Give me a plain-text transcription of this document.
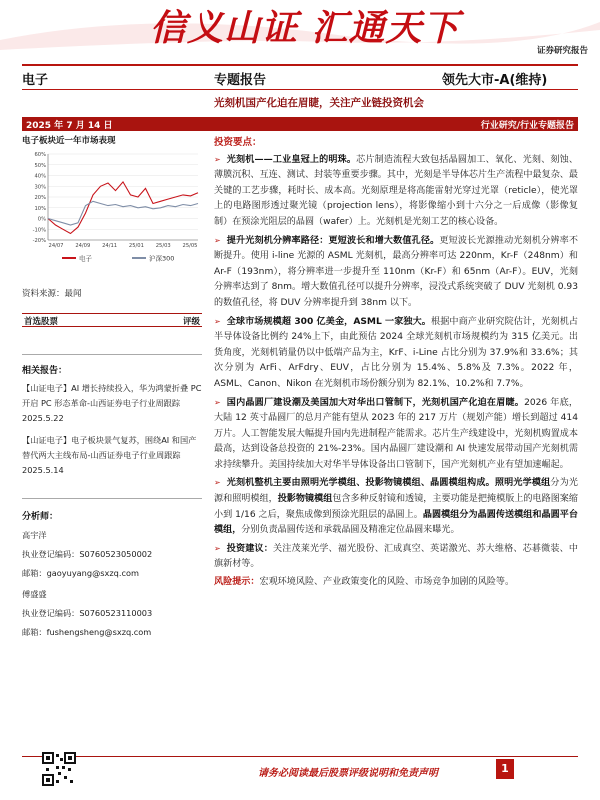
信义山证 汇通天下
证券研究报告
电子	专题报告	领先大市-A(维持)
光刻机国产化迫在眉睫，关注产业链投资机会
2025 年 7 月 14 日	行业研究/行业专题报告
电子板块近一年市场表现
-20%
-10%
0%
10%
20%
30%
40%
50%
60%
24/07 24/09 24/11 25/01 25/03 25/05
电子	沪深300
资料来源：最闻
首选股票	评级
相关报告：
【山证电子】AI 增长持续投入，华为鸿蒙折叠 PC 开启 PC 形态革命-山西证券电子行业周跟踪 2025.5.22
【山证电子】电子板块景气复苏，围绕AI 和国产替代两大主线布局-山西证券电子行业周跟踪 2025.5.14
分析师：
高宇洋
执业登记编码：S0760523050002
邮箱：gaoyuyang@sxzq.com
傅盛盛
执业登记编码：S0760523110003
邮箱：fushengsheng@sxzq.com
投资要点：
➢ 光刻机——工业皇冠上的明珠。芯片制造流程大致包括晶圆加工、氧化、光刻、刻蚀、薄膜沉积、互连、测试、封装等重要步骤。其中，光刻是半导体芯片生产流程中最复杂、最关键的工艺步骤，耗时长、成本高。光刻原理是将高能雷射光穿过光罩（reticle），使光罩上的电路图形透过聚光镜（projection lens），将影像缩小到十六分之一后成像（影像复制）在预涂光阻层的晶圆（wafer）上。光刻机是光刻工艺的核心设备。
➢ 提升光刻机分辨率路径：更短波长和增大数值孔径。更短波长光源推动光刻机分辨率不断提升。使用 i-line 光源的 ASML 光刻机，最高分辨率可达 220nm，Kr-F（248nm）和 Ar-F（193nm），将分辨率进一步提升至 110nm（Kr-F）和 65nm（Ar-F）。EUV，光刻分辨率达到了 8nm。增大数值孔径可以提升分辨率，浸没式系统突破了 DUV 光刻机 0.93 的数值孔径，将 DUV 分辨率提升到 38nm 以下。
➢ 全球市场规模超 300 亿美金，ASML 一家独大。根据中商产业研究院估计，光刻机占半导体设备比例约 24%上下，由此预估 2024 全球光刻机市场规模约为 315 亿美元。出货角度，光刻机销量仍以中低端产品为主，KrF、i-Line 占比分别为 37.9%和 33.6%；其次分别为 ArFi、ArFdry、EUV，占比分别为 15.4%、5.8%及 7.3%。2022 年，ASML、Canon、Nikon 在光刻机市场份额分别为 82.1%、10.2%和 7.7%。
➢ 国内晶圆厂建设潮及美国加大对华出口管制下，光刻机国产化迫在眉睫。2026 年底，大陆 12 英寸晶圆厂的总月产能有望从 2023 年的 217 万片（规划产能）增长到超过 414 万片。人工智能发展大幅提升国内先进制程产能需求。芯片生产线建设中，光刻机购置成本最高，达到设备总投资的 21%-23%。国内晶圆厂建设潮和 AI 快速发展带动国产光刻机需求持续攀升。美国持续加大对华半导体设备出口管制下，国产光刻机产业有望加速崛起。
➢ 光刻机整机主要由照明光学模组、投影物镜模组、晶圆模组构成。照明光学模组分为光源和照明模组，投影物镜模组包含多种反射镜和透镜，主要功能是把掩模版上的电路图案缩小到 1/16 之后，聚焦成像到预涂光阻层的晶圆上。晶圆模组分为晶圆传送模组和晶圆平台模组，分别负责晶圆传送和承载晶圆及精准定位晶圆来曝光。
➢ 投资建议：关注茂莱光学、福光股份、汇成真空、英诺激光、苏大维格、芯碁微装、中旗新材等。
风险提示：宏观环境风险、产业政策变化的风险、市场竞争加剧的风险等。
请务必阅读最后股票评级说明和免责声明	1
